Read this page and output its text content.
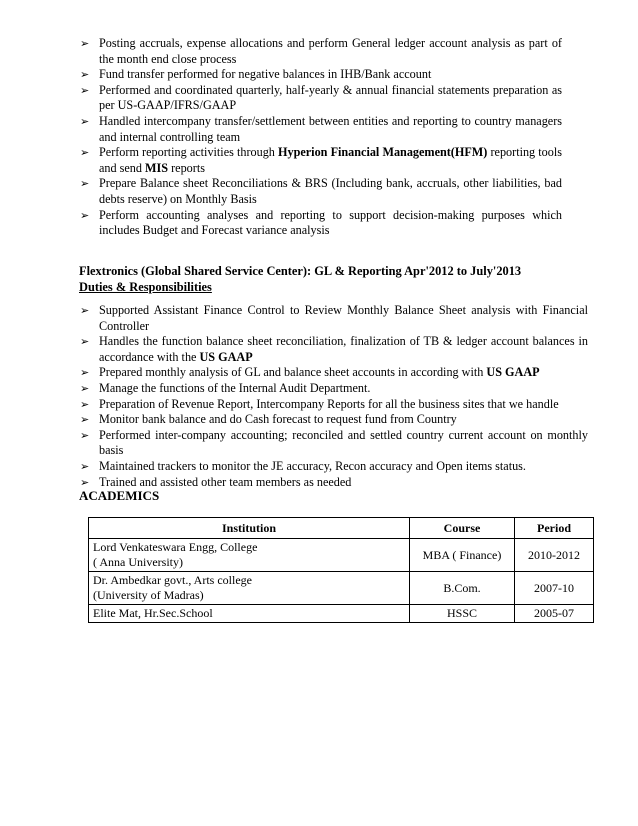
➢ Posting accruals, expense allocations and perform General ledger account analysis as part of the month end close process
➢ Fund transfer performed for negative balances in IHB/Bank account
➢ Performed and coordinated quarterly, half-yearly & annual financial statements preparation as per US-GAAP/IFRS/GAAP
➢ Handled intercompany transfer/settlement between entities and reporting to country managers and internal controlling team
➢ Perform reporting activities through Hyperion Financial Management(HFM) reporting tools and send MIS reports
➢ Prepare Balance sheet Reconciliations & BRS (Including bank, accruals, other liabilities, bad debts reserve) on Monthly Basis
➢ Perform accounting analyses and reporting to support decision-making purposes which includes Budget and Forecast variance analysis
Flextronics (Global Shared Service Center): GL & Reporting Apr'2012 to July'2013
Duties & Responsibilities
➢ Supported Assistant Finance Control to Review Monthly Balance Sheet analysis with Financial Controller
➢ Handles the function balance sheet reconciliation, finalization of TB & ledger account balances in accordance with the US GAAP
➢ Prepared monthly analysis of GL and balance sheet accounts in according with US GAAP
➢ Manage the functions of the Internal Audit Department.
➢ Preparation of Revenue Report, Intercompany Reports for all the business sites that we handle
➢ Monitor bank balance and do Cash forecast to request fund from Country
➢ Performed inter-company accounting; reconciled and settled country current account on monthly basis
➢ Maintained trackers to monitor the JE accuracy, Recon accuracy and Open items status.
➢ Trained and assisted other team members as needed
ACADEMICS
Institution	Course	Period

Lord Venkateswara Engg, College
( Anna University)	MBA ( Finance)	2010-2012

Dr. Ambedkar govt., Arts college
(University of Madras)	B.Com.	2007-10

Elite Mat, Hr.Sec.School	HSSC	2005-07
